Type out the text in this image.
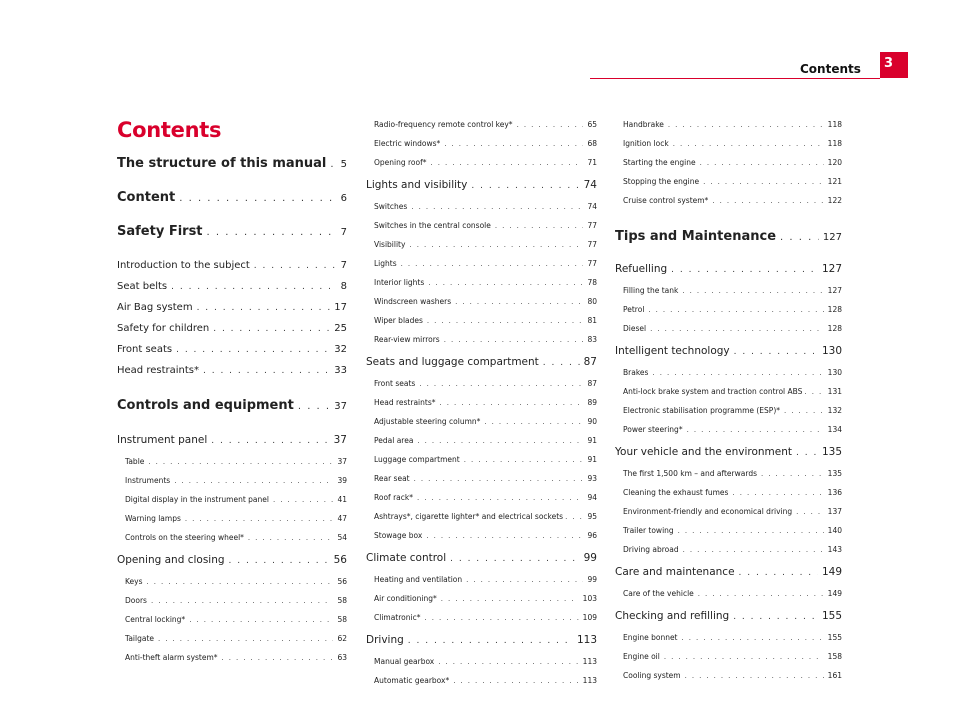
Contents	3
Contents
The structure of this manual . . . 5
Content . . .	6
Safety First . . .	7
Introduction to the subject . . .	7
Seat belts . . .	8
Air Bag system . . .	17
Safety for children . . .	25
Front seats . . .	32
Head restraints* . . .	33
Controls and equipment . . .	37
Instrument panel . . .	37
Table . . .	37
Instruments . . .	39
Digital display in the instrument panel . . .	41
Warning lamps . . .	47
Controls on the steering wheel* . . .	54
Opening and closing . . .	56
Keys . . .	56
Doors . . .	58
Central locking* . . .	58
Tailgate . . .	62
Anti-theft alarm system* . . .	63
Radio-frequency remote control key* . . .	65
Electric windows* . . .	68
Opening roof* . . .	71
Lights and visibility . . .	74
Switches . . .	74
Switches in the central console . . .	77
Visibility . . .	77
Lights . . .	77
Interior lights . . .	78
Windscreen washers . . .	80
Wiper blades . . .	81
Rear-view mirrors . . .	83
Seats and luggage compartment . . .	87
Front seats . . .	87
Head restraints* . . .	89
Adjustable steering column* . . .	90
Pedal area . . .	91
Luggage compartment . . .	91
Rear seat . . .	93
Roof rack* . . .	94
Ashtrays*, cigarette lighter* and electrical sockets . . .	95
Stowage box . . .	96
Climate control . . .	99
Heating and ventilation . . .	99
Air conditioning* . . .	103
Climatronic* . . .	109
Driving . . .	113
Manual gearbox . . .	113
Automatic gearbox* . . .	113
Handbrake . . .	118
Ignition lock . . .	118
Starting the engine . . .	120
Stopping the engine . . .	121
Cruise control system* . . .	122
Tips and Maintenance . . .	127
Refuelling . . .	127
Filling the tank . . .	127
Petrol . . .	128
Diesel . . .	128
Intelligent technology . . .	130
Brakes . . .	130
Anti-lock brake system and traction control ABS . . .	131
Electronic stabilisation programme (ESP)* . . .	132
Power steering* . . .	134
Your vehicle and the environment . . .	135
The first 1,500 km – and afterwards . . .	135
Cleaning the exhaust fumes . . .	136
Environment-friendly and economical driving . . .	137
Trailer towing . . .	140
Driving abroad . . .	143
Care and maintenance . . .	149
Care of the vehicle . . .	149
Checking and refilling . . .	155
Engine bonnet . . .	155
Engine oil . . .	158
Cooling system . . .	161
